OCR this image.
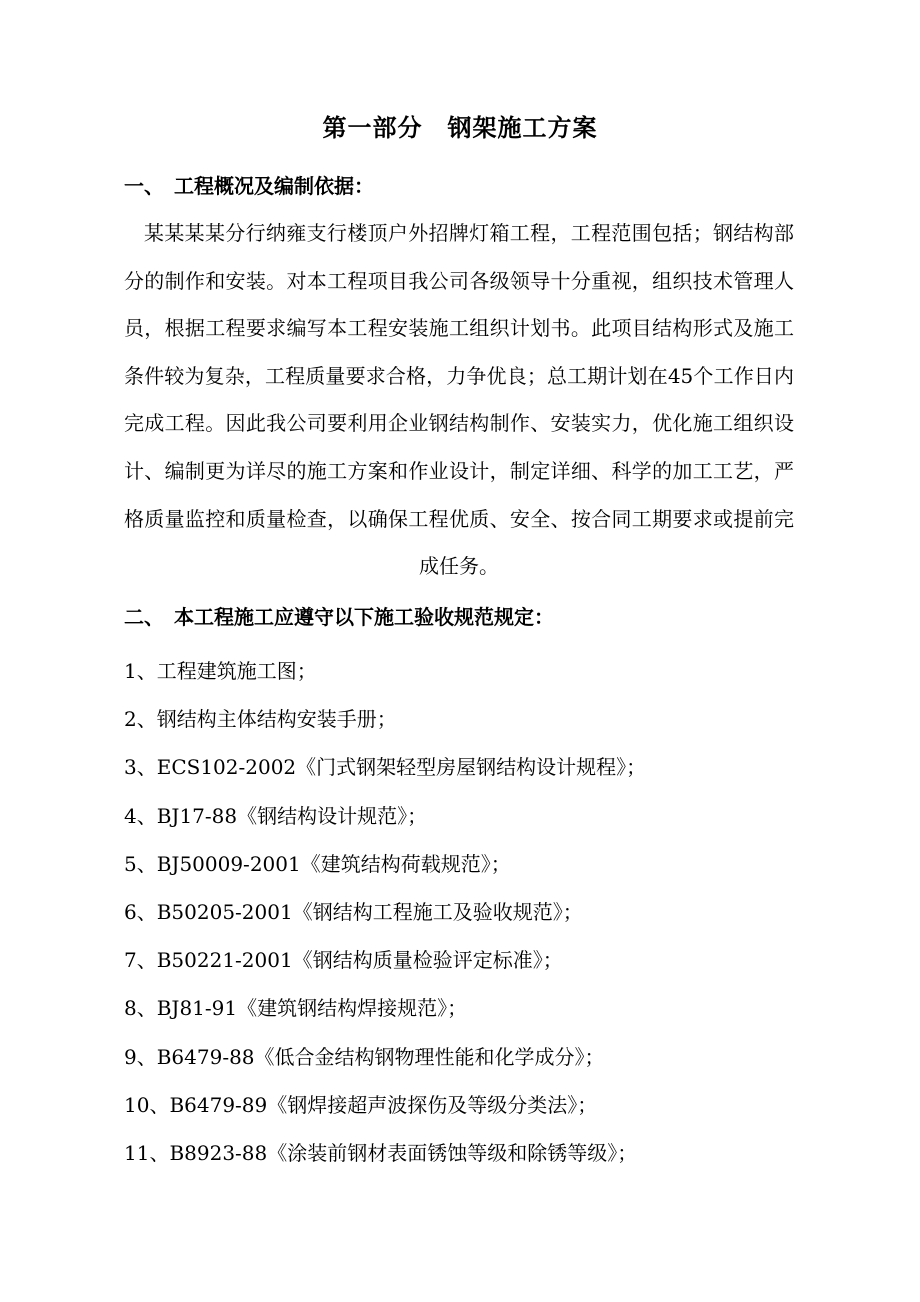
第一部分　钢架施工方案
一、　工程概况及编制依据：
某某某某分行纳雍支行楼顶户外招牌灯箱工程，工程范围包括；钢结构部分的制作和安装。对本工程项目我公司各级领导十分重视，组织技术管理人员，根据工程要求编写本工程安装施工组织计划书。此项目结构形式及施工条件较为复杂，工程质量要求合格，力争优良；总工期计划在45个工作日内完成工程。因此我公司要利用企业钢结构制作、安装实力，优化施工组织设计、编制更为详尽的施工方案和作业设计，制定详细、科学的加工工艺，严格质量监控和质量检查，以确保工程优质、安全、按合同工期要求或提前完成任务。
二、　本工程施工应遵守以下施工验收规范规定：
1、工程建筑施工图；
2、钢结构主体结构安装手册；
3、ECS102-2002《门式钢架轻型房屋钢结构设计规程》；
4、BJ17-88《钢结构设计规范》；
5、BJ50009-2001《建筑结构荷载规范》；
6、B50205-2001《钢结构工程施工及验收规范》；
7、B50221-2001《钢结构质量检验评定标准》；
8、BJ81-91《建筑钢结构焊接规范》；
9、B6479-88《低合金结构钢物理性能和化学成分》；
10、B6479-89《钢焊接超声波探伤及等级分类法》；
11、B8923-88《涂装前钢材表面锈蚀等级和除锈等级》；
